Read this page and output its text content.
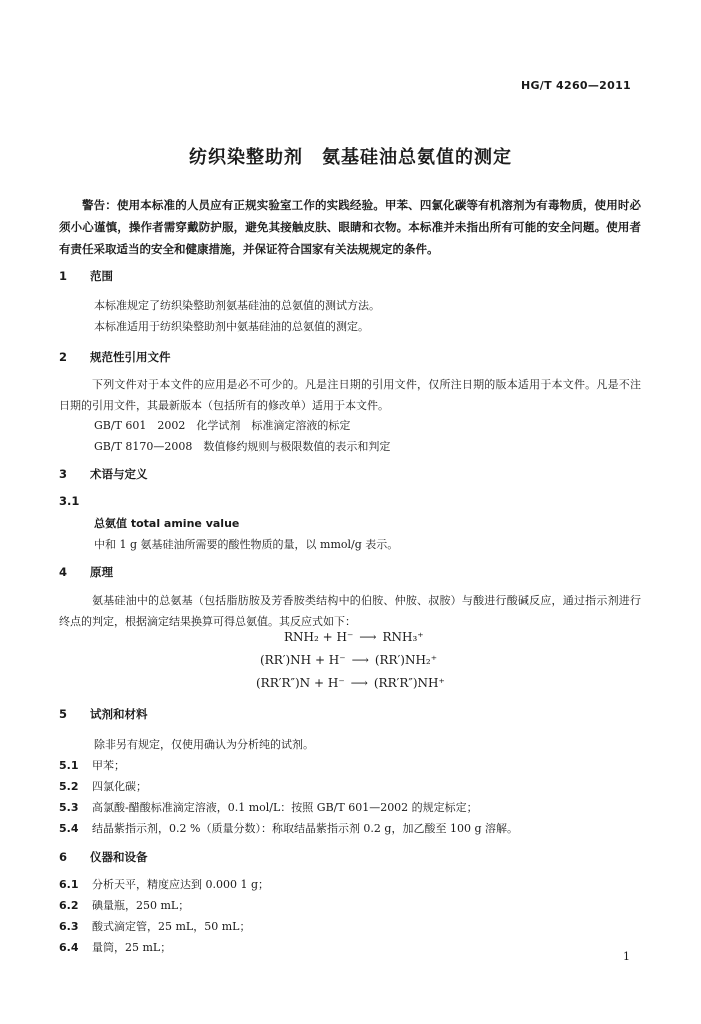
HG/T 4260—2011
纺织染整助剂　氨基硅油总氨值的测定
警告：使用本标准的人员应有正规实验室工作的实践经验。甲苯、四氯化碳等有机溶剂为有毒物质，使用时必须小心谨慎，操作者需穿戴防护服，避免其接触皮肤、眼睛和衣物。本标准并未指出所有可能的安全问题。使用者有责任采取适当的安全和健康措施，并保证符合国家有关法规规定的条件。
1 范围
本标准规定了纺织染整助剂氨基硅油的总氨值的测试方法。
本标准适用于纺织染整助剂中氨基硅油的总氨值的测定。
2 规范性引用文件
下列文件对于本文件的应用是必不可少的。凡是注日期的引用文件，仅所注日期的版本适用于本文件。凡是不注日期的引用文件，其最新版本（包括所有的修改单）适用于本文件。
GB/T 601　2002　化学试剂　标准滴定溶液的标定
GB/T 8170—2008　数值修约规则与极限数值的表示和判定
3 术语与定义
3.1
总氨值 total amine value
中和 1 g 氨基硅油所需要的酸性物质的量，以 mmol/g 表示。
4 原理
氨基硅油中的总氨基（包括脂肪胺及芳香胺类结构中的伯胺、仲胺、叔胺）与酸进行酸碱反应，通过指示剂进行终点的判定，根据滴定结果换算可得总氨值。其反应式如下：
RNH₂ + H⁻ ⟶ RNH₃⁺
(RR′)NH + H⁻ ⟶ (RR′)NH₂⁺
(RR′R″)N + H⁻ ⟶ (RR′R″)NH⁺
5 试剂和材料
除非另有规定，仅使用确认为分析纯的试剂。
5.1 甲苯；
5.2 四氯化碳；
5.3 高氯酸-醋酸标准滴定溶液，0.1 mol/L：按照 GB/T 601—2002 的规定标定；
5.4 结晶紫指示剂，0.2 %（质量分数）：称取结晶紫指示剂 0.2 g，加乙酸至 100 g 溶解。
6 仪器和设备
6.1 分析天平，精度应达到 0.000 1 g；
6.2 碘量瓶，250 mL；
6.3 酸式滴定管，25 mL，50 mL；
6.4 量筒，25 mL；
1
